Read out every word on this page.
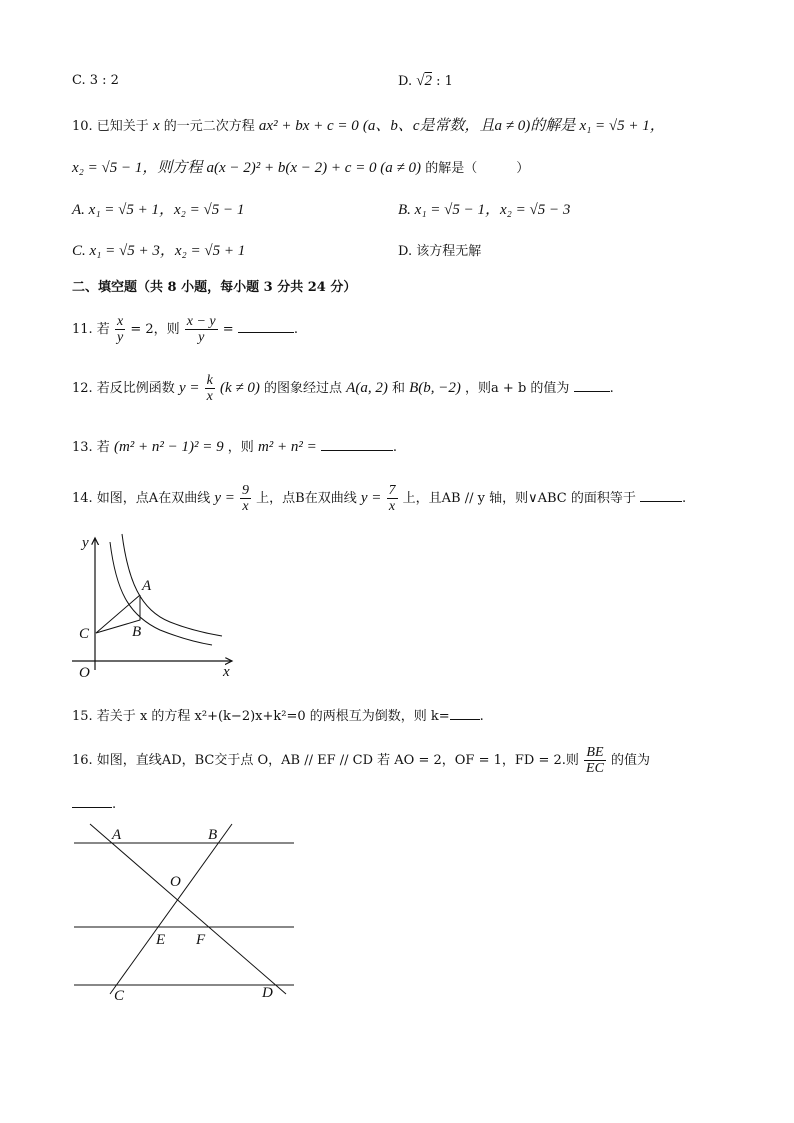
C. 3 : 2	D. √2 : 1
10. 已知关于 x 的一元二次方程 ax² + bx + c = 0 (a、b、c是常数，且a ≠ 0)的解是 x₁ = √5 + 1，
x₂ = √5 − 1，则方程 a(x − 2)² + b(x − 2) + c = 0 (a ≠ 0) 的解是（　　　）
A. x₁ = √5 + 1，x₂ = √5 − 1	B. x₁ = √5 − 1，x₂ = √5 − 3
C. x₁ = √5 + 3，x₂ = √5 + 1	D. 该方程无解
二、填空题（共 8 小题，每小题 3 分共 24 分）
11. 若 $\frac{x}{y} = 2$，则 $\frac{x - y}{y}$ =	.
12. 若反比例函数 $y = \frac{k}{x} (k \ne 0)$ 的图象经过点 A(a, 2) 和 B(b, −2) ，则a + b 的值为	.
13. 若 (m² + n² − 1)² = 9 ，则 m² + n² =	.
14. 如图，点A在双曲线 $y = \frac{9}{x}$ 上，点B在双曲线 $y = \frac{7}{x}$ 上，且AB // y 轴，则∨ABC 的面积等于	.
y
x
A
B
C
O
15. 若关于 x 的方程 x²+(k−2)x+k²=0 的两根互为倒数，则 k= .
16. 如图，直线AD，BC交于点 O，AB // EF // CD 若 AO = 2，OF = 1，FD = 2.则 $\frac{BE}{EC}$ 的值为
.
A	B
O
E F
C	D
